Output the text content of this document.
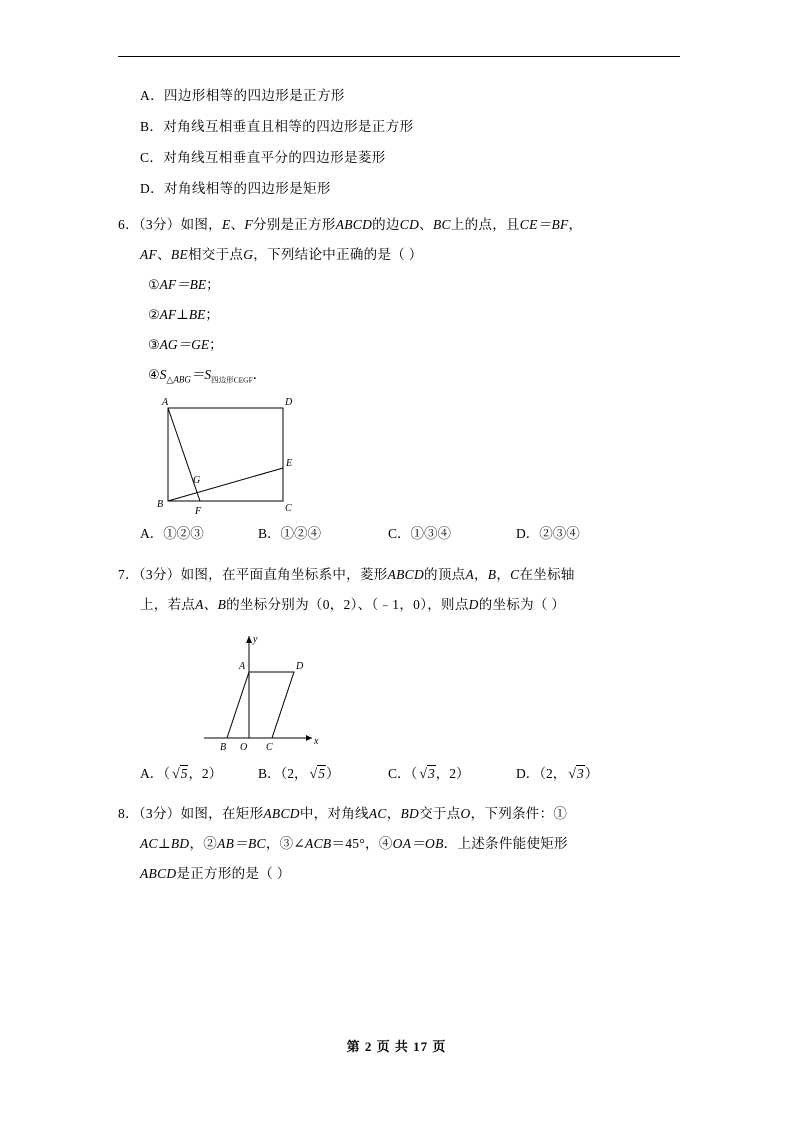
A．四边形相等的四边形是正方形
B．对角线互相垂直且相等的四边形是正方形
C．对角线互相垂直平分的四边形是菱形
D．对角线相等的四边形是矩形
6．（3分）如图，E、F分别是正方形ABCD的边CD、BC上的点，且CE＝BF，
AF、BE相交于点G，下列结论中正确的是（ ）
①AF＝BE；
②AF⊥BE；
③AG＝GE；
$④S_{\triangle ABG}=S_{四边形CEGF}$．
A	D
E
G
B
F	C
A．①②③	B．①②④	C．①③④	D．②③④
7．（3分）如图，在平面直角坐标系中，菱形ABCD的顶点A，B，C在坐标轴
上，若点A、B的坐标分别为（0，2）、（﹣1，0），则点D的坐标为（ ）
x
y
A	D
B O C
A．（ √5，2）	B．（2， √5）	C．（ √3，2）	D．（2， √3）
8．（3分）如图，在矩形ABCD中，对角线AC，BD交于点O，下列条件：①
AC⊥BD，②AB＝BC，③∠ACB＝45°，④OA＝OB．上述条件能使矩形
ABCD是正方形的是（ ）
第 2 页 共 17 页
